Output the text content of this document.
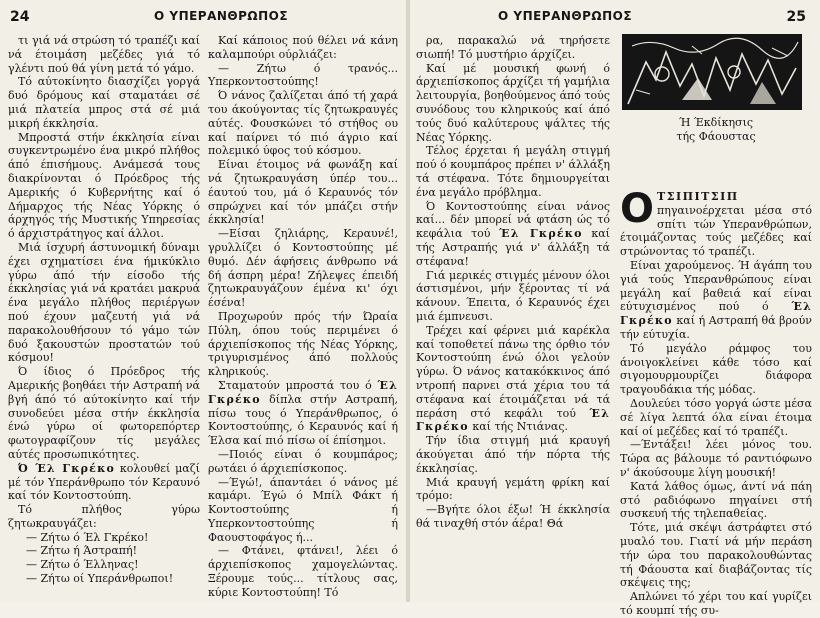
24	Ο ΥΠΕΡΑΝΘΡΩΠΟΣ

τι γιά νά στρώση τό τραπέζι καί νά έτοιμάση μεζέδες γιά τό γλέντι πού θά γίνη μετά τό γάμο.

Τό αύτοκίνητο διασχίζει γοργά δυό δρόμους καί σταματάει σέ μιά πλατεία μπρος στά σέ μιά μικρή έκκλησία.

Μπροστά στήν έκκλησία είναι συγκεντρωμένο ένα μικρό πλήθος άπό έπισήμους. Ανάμεσά τους διακρίνονται ό Πρόεδρος τής Αμερικής ό Κυβερνήτης καί ό Δήμαρχος τής Νέας Υόρκης ό άρχηγός τής Μυστικής Υπηρεσίας ό άρχιστράτηγος καί άλλοι.

Μιά ίσχυρή άστυνομική δύναμι έχει σχηματίσει ένα ήμικύκλιο γύρω άπό τήν είσοδο τής έκκλησίας γιά νά κρατάει μακρυά ένα μεγάλο πλήθος περιέργων πού έχουν μαζευτή γιά νά παρακολουθήσουν τό γάμο τών δυό ξακουστών προστατών τού κόσμου!

Ό ίδιος ό Πρόεδρος τής Αμερικής βοηθάει τήν Αστραπή νά βγή άπό τό αύτοκίνητο καί τήν συνοδεύει μέσα στήν έκκλησία ένώ γύρω οί φωτορεπόρτερ φωτογραφίζουν τίς μεγάλες αύτές προσωπικότητες.

Ό Έλ Γκρέκο κολουθεί μαζί μέ τόν Υπεράνθρωπο τόν Κεραυνό καί τόν Κοντοστούπη.

Τό πλήθος γύρω ζητωκραυγάζει:

— Ζήτω ό Έλ Γκρέκο!

— Ζήτω ή Άστραπή!

— Ζήτω ό Έλληνας!

— Ζήτω οί Υπεράνθρωποι!

Καί κάποιος πού θέλει νά κάνη καλαμπούρι ούρλιάζει:

— Ζήτω ό τρανός... Υπερκοντοστούπης!

Ό νάνος ζαλίζεται άπό τή χαρά του άκούγοντας τίς ζητωκραυγές αύτές. Φουσκώνει τό στήθος ου καί παίρνει τό πιό άγριο καί πολεμικό ύφος τού κόσμου.

Είναι έτοιμος νά φωνάξη καί νά ζητωκραυγάση ύπέρ του... έαυτού του, μά ό Κεραυνός τόν σπρώχνει καί τόν μπάζει στήν έκκλησία!

—Είσαι ζηλιάρης, Κεραυνέ!, γρυλλίζει ό Κοντοστούπης μέ θυμό. Δέν άφήσεις άνθρωπο νά δή άσπρη μέρα! Ζήλεψες έπειδή ζητωκραυγάζουν έμένα κι' όχι έσένα!

Προχωρούν πρός τήν Ώραία Πύλη, όπου τούς περιμένει ό άρχιεπίσκοπος τής Νέας Υόρκης, τριγυρισμένος άπό πολλούς κληρικούς.

Σταματούν μπροστά του ό Έλ Γκρέκο δίπλα στήν Αστραπή, πίσω τους ό Υπεράνθρωπος, ό Κοντοστούπης, ό Κεραυνός καί ή Έλσα καί πιό πίσω οί έπίσημοι.

—Ποιός είναι ό κουμπάρος; ρωτάει ό άρχιεπίσκοπος.

—Έγώ!, άπαντάει ό νάνος μέ καμάρι. Έγώ ό Μπίλ Φάκτ ή Κοντοστούπης ή Υπερκοντοστούπης ή Φαουστοφάγος ή...

— Φτάνει, φτάνει!, λέει ό άρχιεπίσκοπος χαμογελώντας. Ξέρουμε τούς... τίτλους σας, κύριε Κοντοστούπη! Τό

Ο ΥΠΕΡΑΝΘΡΩΠΟΣ	25

ρα, παρακαλώ νά τηρήσετε σιωπή! Τό μυστήριο άρχίζει.

Καί μέ μουσική φωνή ό άρχιεπίσκοπος άρχίζει τή γαμήλια λειτουργία, βοηθούμενος άπό τούς συνόδους του κληρικούς καί άπό τούς δυό καλύτερους ψάλτες τής Νέας Υόρκης.

Τέλος έρχεται ή μεγάλη στιγμή πού ό κουμπάρος πρέπει ν' άλλάξη τά στέφανα. Τότε δημιουργείται ένα μεγάλο πρόβλημα.

Ό Κοντοστούπης είναι νάνος καί... δέν μπορεί νά φτάση ώς τό κεφάλια τού Έλ Γκρέκο καί τής Αστραπής γιά ν' άλλάξη τά στέφανα!

Γιά μερικές στιγμές μένουν όλοι άστισμένοι, μήν ξέροντας τί νά κάνουν. Έπειτα, ό Κεραυνός έχει μιά έμπνευσι.

Τρέχει καί φέρνει μιά καρέκλα καί τοποθετεί πάνω της όρθιο τόν Κοντοστούπη ένώ όλοι γελούν γύρω. Ό νάνος κατακόκκινος άπό ντροπή παρνει στά χέρια του τά στέφανα καί έτοιμάζεται νά τά περάση στό κεφάλι τού Έλ Γκρέκο καί τής Ντιάνας.

Τήν ίδια στιγμή μιά κραυγή άκούγεται άπό τήν πόρτα τής έκκλησίας.

Μιά κραυγή γεμάτη φρίκη καί τρόμο:

—Βγήτε όλοι έξω! Ή έκκλησία θά τιναχθή στόν άέρα! Θά

Ή Έκδίκησις
τής Φάουστας

ΟΤΣΙΠΙΤΣΙΠ πηγαινοέρχεται μέσα στό σπίτι τών Υπερανθρώπων, έτοιμάζοντας τούς μεζέδες καί στρώνοντας τό τραπέζι.

Είναι χαρούμενος. Ή άγάπη του γιά τούς Υπερανθρώπους είναι μεγάλη καί βαθειά καί είναι εύτυχισμένος πού ό Έλ Γκρέκο καί ή Αστραπή θά βρούν τήν εύτυχία.

Τό μεγάλο ράμφος του άνοιγοκλείνει κάθε τόσο καί σιγομουρμουρίζει διάφορα τραγουδάκια τής μόδας.

Δουλεύει τόσο γοργά ώστε μέσα σέ λίγα λεπτά όλα είναι έτοιμα καί οί μεζέδες καί τό τραπέζι.

—Έντάξει! λέει μόνος του. Τώρα ας βάλουμε τό ραντιόφωνο ν' άκούσουμε λίγη μουσική!

Κατά λάθος όμως, άντί νά πάη στό ραδιόφωνο πηγαίνει στή συσκευή τής τηλεπαθείας.

Τότε, μιά σκέψι άστράφτει στό μυαλό του. Γιατί νά μήν περάση τήν ώρα του παρακολουθώντας τή Φάουστα καί διαβάζοντας τίς σκέψεις της;

Απλώνει τό χέρι του καί γυρίζει τό κουμπί τής συ-
